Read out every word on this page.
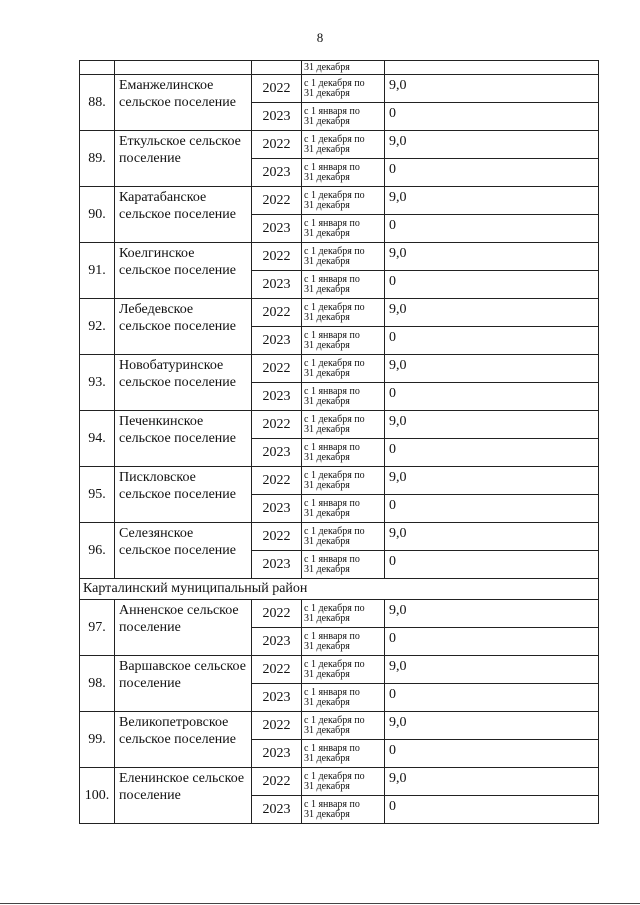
8
			31 декабря	
88.	Еманжелинское сельское поселение	2022	с 1 декабря по
31 декабря	9,0
		2023	с 1 января по
31 декабря	0
89.	Еткульское сельское поселение	2022	с 1 декабря по
31 декабря	9,0
		2023	с 1 января по
31 декабря	0
90.	Каратабанское сельское поселение	2022	с 1 декабря по
31 декабря	9,0
		2023	с 1 января по
31 декабря	0
91.	Коелгинское сельское поселение	2022	с 1 декабря по
31 декабря	9,0
		2023	с 1 января по
31 декабря	0
92.	Лебедевское сельское поселение	2022	с 1 декабря по
31 декабря	9,0
		2023	с 1 января по
31 декабря	0
93.	Новобатуринское сельское поселение	2022	с 1 декабря по
31 декабря	9,0
		2023	с 1 января по
31 декабря	0
94.	Печенкинское сельское поселение	2022	с 1 декабря по
31 декабря	9,0
		2023	с 1 января по
31 декабря	0
95.	Писклoвское сельское поселение	2022	с 1 декабря по
31 декабря	9,0
		2023	с 1 января по
31 декабря	0
96.	Селезянское сельское поселение	2022	с 1 декабря по
31 декабря	9,0
		2023	с 1 января по
31 декабря	0
Карталинский муниципальный район				
97.	Анненское сельское поселение	2022	с 1 декабря по
31 декабря	9,0
		2023	с 1 января по
31 декабря	0
98.	Варшавское сельское поселение	2022	с 1 декабря по
31 декабря	9,0
		2023	с 1 января по
31 декабря	0
99.	Великопетровское сельское поселение	2022	с 1 декабря по
31 декабря	9,0
		2023	с 1 января по
31 декабря	0
100.	Еленинское сельское поселение	2022	с 1 декабря по
31 декабря	9,0
		2023	с 1 января по
31 декабря	0
